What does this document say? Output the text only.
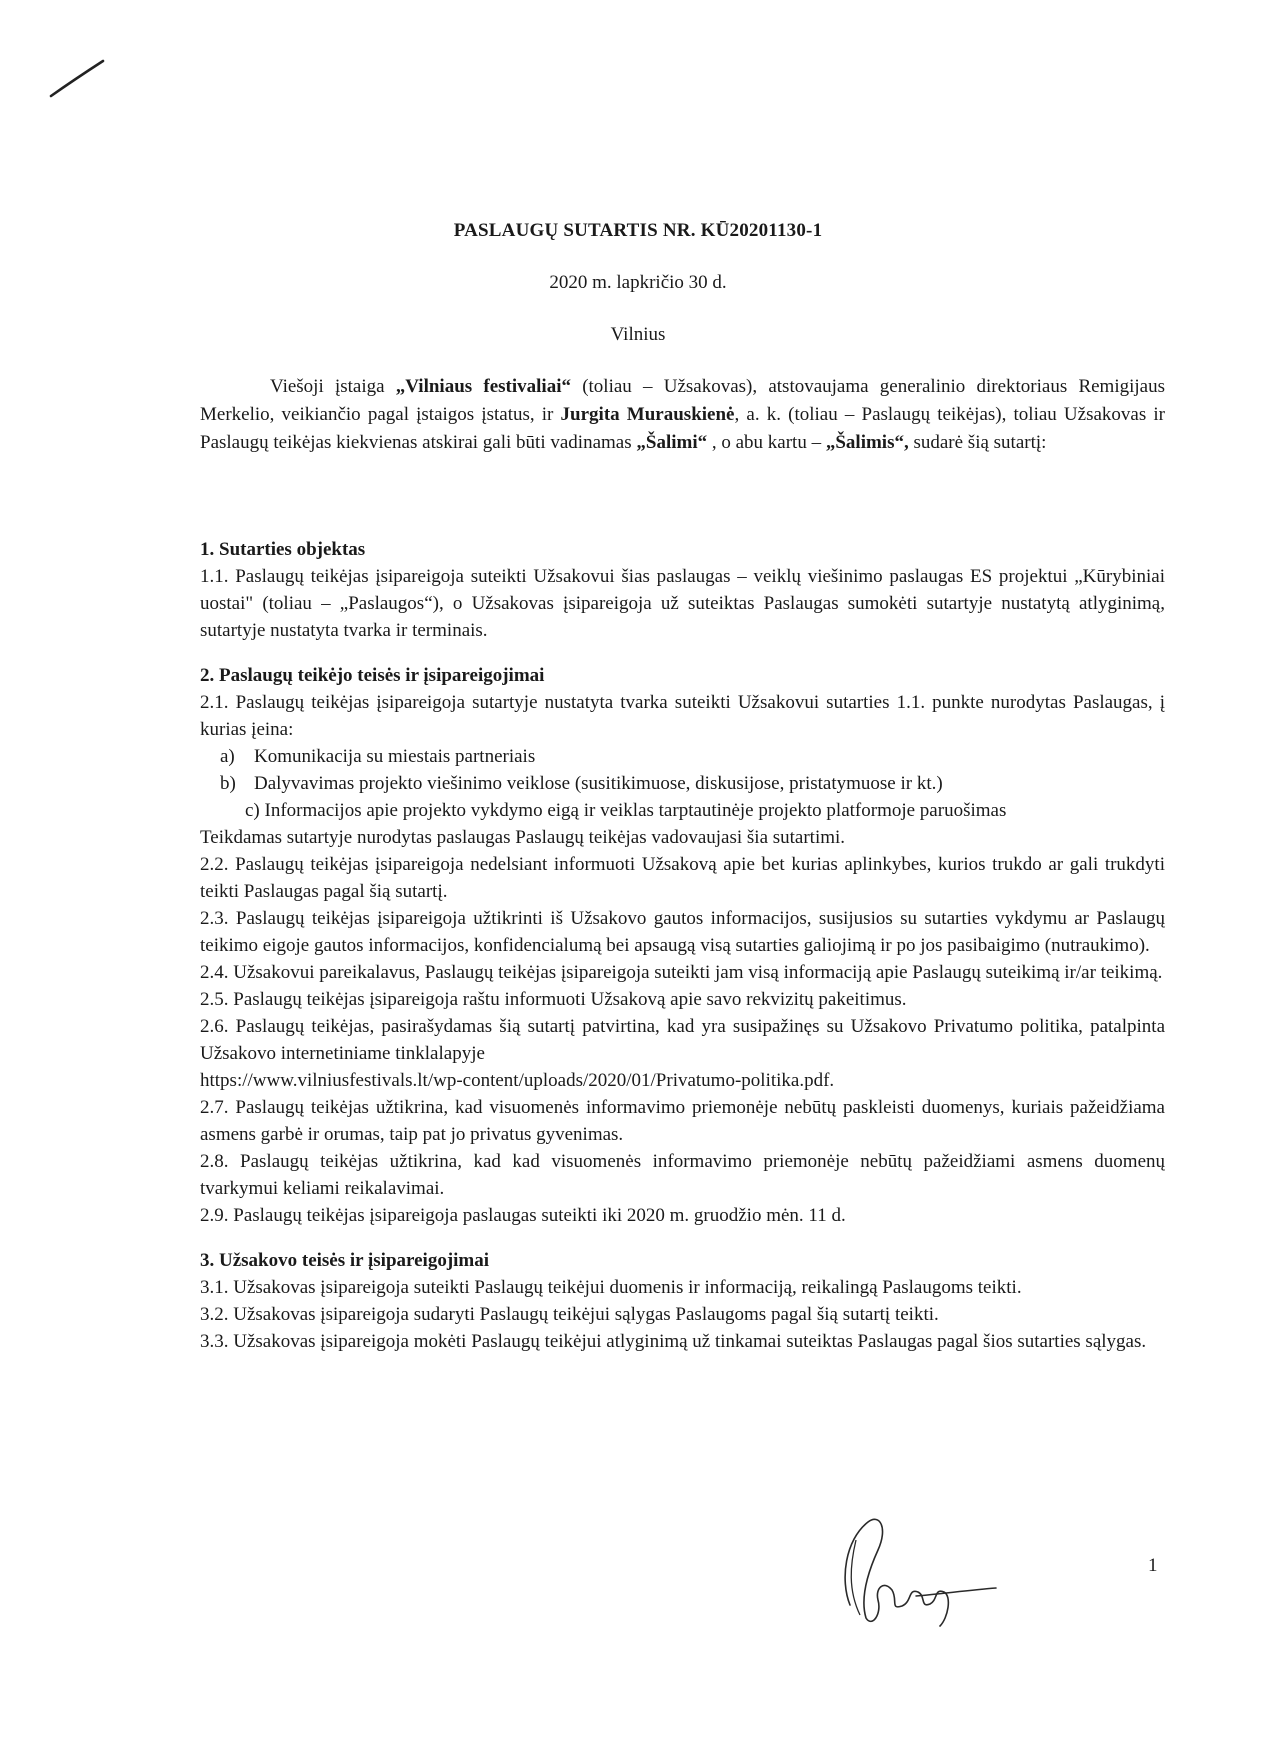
PASLAUGŲ SUTARTIS NR. KŪ20201130-1
2020 m. lapkričio 30 d.
Vilnius
Viešoji įstaiga „Vilniaus festivaliai“ (toliau – Užsakovas), atstovaujama generalinio direktoriaus Remigijaus Merkelio, veikiančio pagal įstaigos įstatus, ir Jurgita Murauskienė, a. k. (toliau – Paslaugų teikėjas), toliau Užsakovas ir Paslaugų teikėjas kiekvienas atskirai gali būti vadinamas „Šalimi“ , o abu kartu – „Šalimis“, sudarė šią sutartį:
1. Sutarties objektas
1.1. Paslaugų teikėjas įsipareigoja suteikti Užsakovui šias paslaugas – veiklų viešinimo paslaugas ES projektui „Kūrybiniai uostai" (toliau – „Paslaugos“), o Užsakovas įsipareigoja už suteiktas Paslaugas sumokėti sutartyje nustatytą atlyginimą, sutartyje nustatyta tvarka ir terminais.
2. Paslaugų teikėjo teisės ir įsipareigojimai
2.1. Paslaugų teikėjas įsipareigoja sutartyje nustatyta tvarka suteikti Užsakovui sutarties 1.1. punkte nurodytas Paslaugas, į kurias įeina:
a) Komunikacija su miestais partneriais
b) Dalyvavimas projekto viešinimo veiklose (susitikimuose, diskusijose, pristatymuose ir kt.)
c) Informacijos apie projekto vykdymo eigą ir veiklas tarptautinėje projekto platformoje paruošimas
Teikdamas sutartyje nurodytas paslaugas Paslaugų teikėjas vadovaujasi šia sutartimi.
2.2. Paslaugų teikėjas įsipareigoja nedelsiant informuoti Užsakovą apie bet kurias aplinkybes, kurios trukdo ar gali trukdyti teikti Paslaugas pagal šią sutartį.
2.3. Paslaugų teikėjas įsipareigoja užtikrinti iš Užsakovo gautos informacijos, susijusios su sutarties vykdymu ar Paslaugų teikimo eigoje gautos informacijos, konfidencialumą bei apsaugą visą sutarties galiojimą ir po jos pasibaigimo (nutraukimo).
2.4. Užsakovui pareikalavus, Paslaugų teikėjas įsipareigoja suteikti jam visą informaciją apie Paslaugų suteikimą ir/ar teikimą.
2.5. Paslaugų teikėjas įsipareigoja raštu informuoti Užsakovą apie savo rekvizitų pakeitimus.
2.6. Paslaugų teikėjas, pasirašydamas šią sutartį patvirtina, kad yra susipažinęs su Užsakovo Privatumo politika, patalpinta Užsakovo internetiniame tinklalapyje
https://www.vilniusfestivals.lt/wp-content/uploads/2020/01/Privatumo-politika.pdf.
2.7. Paslaugų teikėjas užtikrina, kad visuomenės informavimo priemonėje nebūtų paskleisti duomenys, kuriais pažeidžiama asmens garbė ir orumas, taip pat jo privatus gyvenimas.
2.8. Paslaugų teikėjas užtikrina, kad kad visuomenės informavimo priemonėje nebūtų pažeidžiami asmens duomenų tvarkymui keliami reikalavimai.
2.9. Paslaugų teikėjas įsipareigoja paslaugas suteikti iki 2020 m. gruodžio mėn. 11 d.
3. Užsakovo teisės ir įsipareigojimai
3.1. Užsakovas įsipareigoja suteikti Paslaugų teikėjui duomenis ir informaciją, reikalingą Paslaugoms teikti.
3.2. Užsakovas įsipareigoja sudaryti Paslaugų teikėjui sąlygas Paslaugoms pagal šią sutartį teikti.
3.3. Užsakovas įsipareigoja mokėti Paslaugų teikėjui atlyginimą už tinkamai suteiktas Paslaugas pagal šios sutarties sąlygas.
1
